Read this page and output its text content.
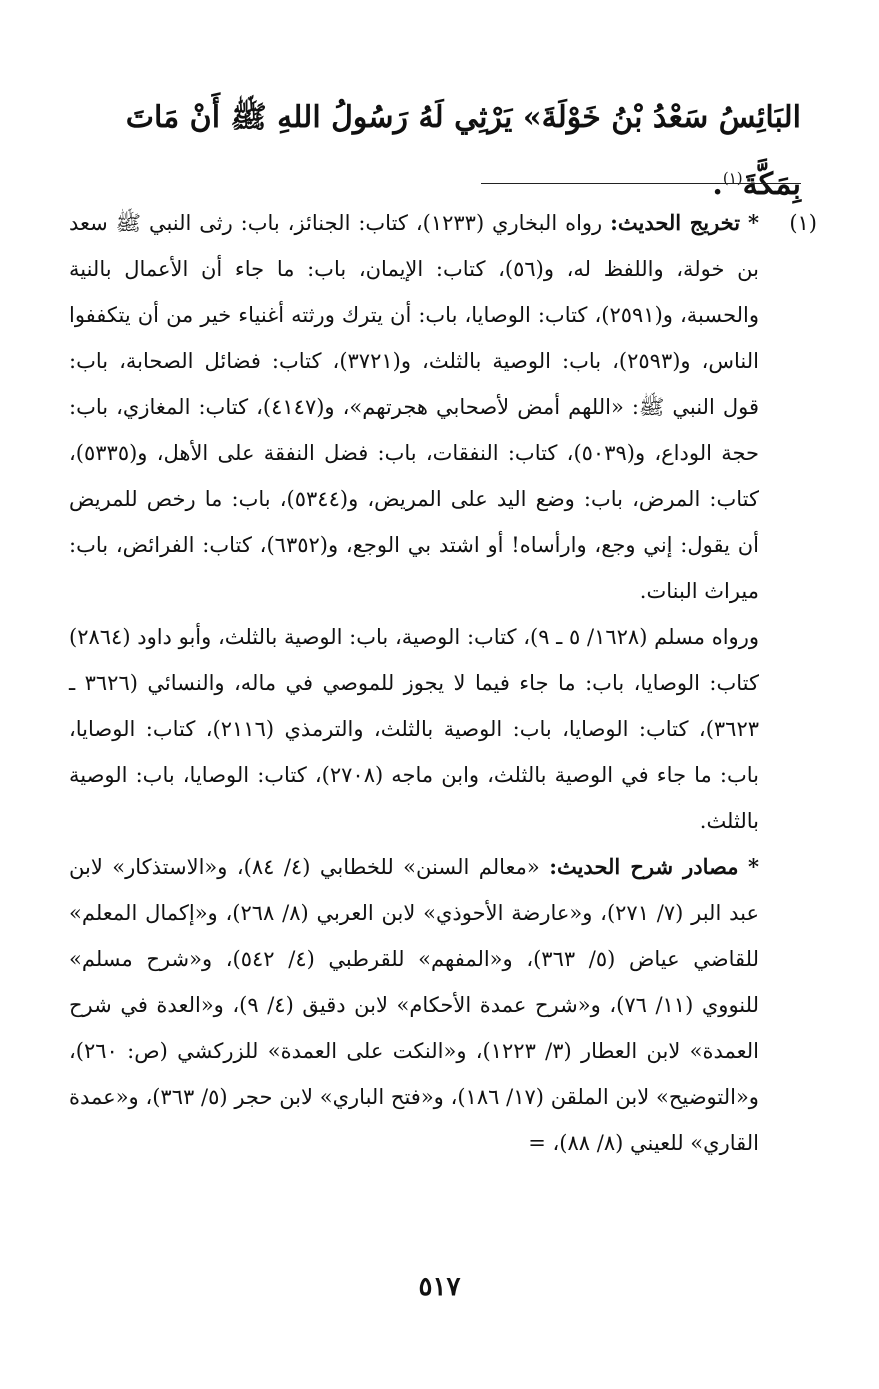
البَائِسُ سَعْدُ بْنُ خَوْلَةَ» يَرْثِي لَهُ رَسُولُ اللهِ ﷺ أَنْ مَاتَ بِمَكَّةَ$^{(١)}$.

(١)

* تخريج الحديث: رواه البخاري (١٢٣٣)، كتاب: الجنائز، باب: رثى النبي ﷺ سعد بن خولة، واللفظ له، و(٥٦)، كتاب: الإيمان، باب: ما جاء أن الأعمال بالنية والحسبة، و(٢٥٩١)، كتاب: الوصايا، باب: أن يترك ورثته أغنياء خير من أن يتكففوا الناس، و(٢٥٩٣)، باب: الوصية بالثلث، و(٣٧٢١)، كتاب: فضائل الصحابة، باب: قول النبي ﷺ: «اللهم أمض لأصحابي هجرتهم»، و(٤١٤٧)، كتاب: المغازي، باب: حجة الوداع، و(٥٠٣٩)، كتاب: النفقات، باب: فضل النفقة على الأهل، و(٥٣٣٥)، كتاب: المرض، باب: وضع اليد على المريض، و(٥٣٤٤)، باب: ما رخص للمريض أن يقول: إني وجع، وارأساه! أو اشتد بي الوجع، و(٦٣٥٢)، كتاب: الفرائض، باب: ميراث البنات.

ورواه مسلم (١٦٢٨/ ٥ ـ ٩)، كتاب: الوصية، باب: الوصية بالثلث، وأبو داود (٢٨٦٤) كتاب: الوصايا، باب: ما جاء فيما لا يجوز للموصي في ماله، والنسائي (٣٦٢٦ ـ ٣٦٢٣)، كتاب: الوصايا، باب: الوصية بالثلث، والترمذي (٢١١٦)، كتاب: الوصايا، باب: ما جاء في الوصية بالثلث، وابن ماجه (٢٧٠٨)، كتاب: الوصايا، باب: الوصية بالثلث.

* مصادر شرح الحديث: «معالم السنن» للخطابي (٤/ ٨٤)، و«الاستذكار» لابن عبد البر (٧/ ٢٧١)، و«عارضة الأحوذي» لابن العربي (٨/ ٢٦٨)، و«إكمال المعلم» للقاضي عياض (٥/ ٣٦٣)، و«المفهم» للقرطبي (٤/ ٥٤٢)، و«شرح مسلم» للنووي (١١/ ٧٦)، و«شرح عمدة الأحكام» لابن دقيق (٤/ ٩)، و«العدة في شرح العمدة» لابن العطار (٣/ ١٢٢٣)، و«النكت على العمدة» للزركشي (ص: ٢٦٠)، و«التوضيح» لابن الملقن (١٧/ ١٨٦)، و«فتح الباري» لابن حجر (٥/ ٣٦٣)، و«عمدة القاري» للعيني (٨/ ٨٨)، =

٥١٧
